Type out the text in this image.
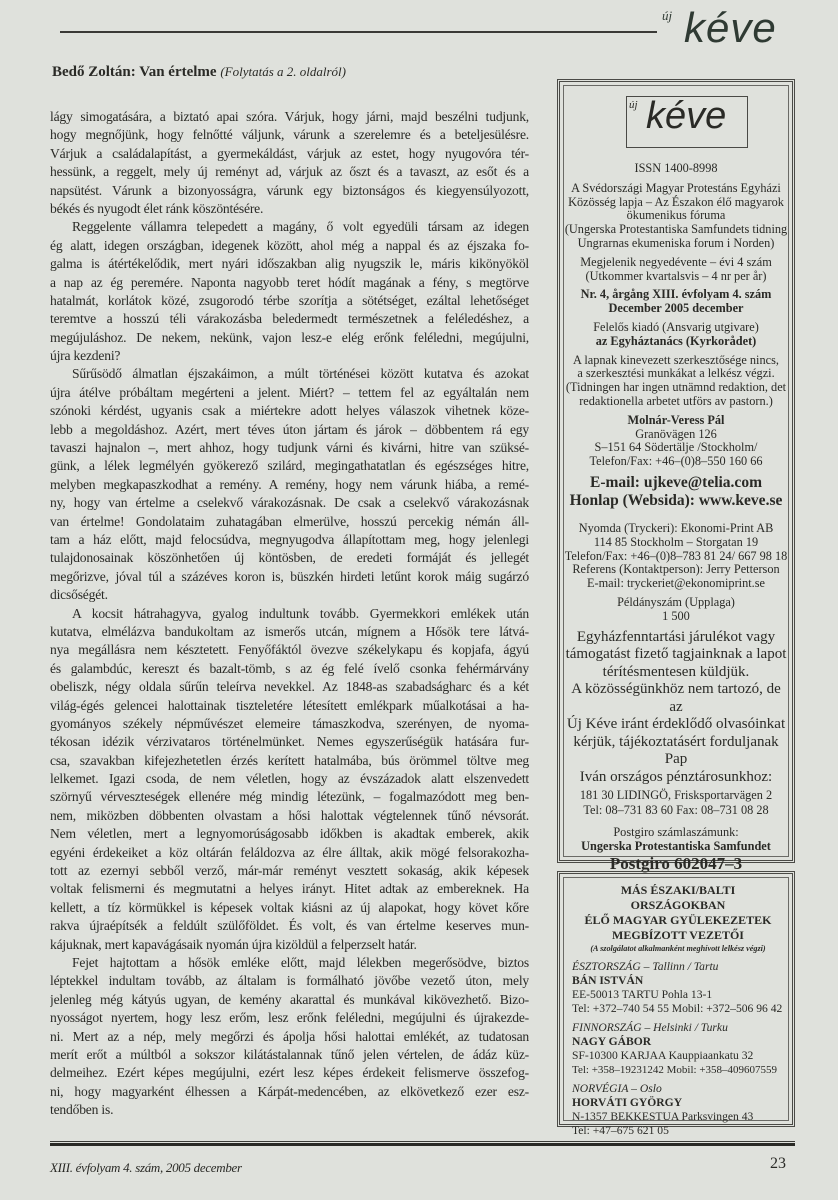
új kéve
Bedő Zoltán: Van értelme (Folytatás a 2. oldalról)
lágy simogatására, a biztató apai szóra. Várjuk, hogy járni, majd beszélni tudjunk,
hogy megnőjünk, hogy felnőtté váljunk, várunk a szerelemre és a beteljesülésre.
Várjuk a családalapítást, a gyermekáldást, várjuk az estet, hogy nyugovóra tér-
hessünk, a reggelt, mely új reményt ad, várjuk az őszt és a tavaszt, az esőt és a
napsütést. Várunk a bizonyosságra, várunk egy biztonságos és kiegyensúlyozott,
békés és nyugodt élet ránk köszöntésére.
Reggelente vállamra telepedett a magány, ő volt egyedüli társam az idegen
ég alatt, idegen országban, idegenek között, ahol még a nappal és az éjszaka fo-
galma is átértékelődik, mert nyári időszakban alig nyugszik le, máris kikönyököl
a nap az ég peremére. Naponta nagyobb teret hódít magának a fény, s megtörve
hatalmát, korlátok közé, zsugorodó térbe szorítja a sötétséget, ezáltal lehetőséget
teremtve a hosszú téli várakozásba beledermedt természetnek a feléledéshez, a
megújuláshoz. De nekem, nekünk, vajon lesz-e elég erőnk feléledni, megújulni,
újra kezdeni?
Sűrűsödő álmatlan éjszakáimon, a múlt történései között kutatva és azokat
újra átélve próbáltam megérteni a jelent. Miért? – tettem fel az egyáltalán nem
szónoki kérdést, ugyanis csak a miértekre adott helyes válaszok vihetnek köze-
lebb a megoldáshoz. Azért, mert téves úton jártam és járok – döbbentem rá egy
tavaszi hajnalon –, mert ahhoz, hogy tudjunk várni és kivárni, hitre van szüksé-
günk, a lélek legmélyén gyökerező szilárd, megingathatatlan és egészséges hitre,
melyben megkapaszkodhat a remény. A remény, hogy nem várunk hiába, a remé-
ny, hogy van értelme a cselekvő várakozásnak. De csak a cselekvő várakozásnak
van értelme! Gondolataim zuhatagában elmerülve, hosszú percekig némán áll-
tam a ház előtt, majd felocsúdva, megnyugodva állapítottam meg, hogy jelenlegi
tulajdonosainak köszönhetően új köntösben, de eredeti formáját és jellegét
megőrizve, jóval túl a százéves koron is, büszkén hirdeti letűnt korok máig sugárzó
dicsőségét.
A kocsit hátrahagyva, gyalog indultunk tovább. Gyermekkori emlékek után
kutatva, elmélázva bandukoltam az ismerős utcán, mígnem a Hősök tere látvá-
nya megállásra nem késztetett. Fenyőfáktól övezve székelykapu és kopjafa, ágyú
és galambdúc, kereszt és bazalt-tömb, s az ég felé ívelő csonka fehérmárvány
obeliszk, négy oldala sűrűn teleírva nevekkel. Az 1848-as szabadságharc és a két
világ-égés gelencei halottainak tiszteletére létesített emlékpark műalkotásai a ha-
gyományos székely népművészet elemeire támaszkodva, szerényen, de nyoma-
tékosan idézik vérzivataros történelmünket. Nemes egyszerűségük hatására fur-
csa, szavakban kifejezhetetlen érzés kerített hatalmába, bús örömmel töltve meg
lelkemet. Igazi csoda, de nem véletlen, hogy az évszázadok alatt elszenvedett
szörnyű vérveszteségek ellenére még mindig létezünk, – fogalmazódott meg ben-
nem, miközben döbbenten olvastam a hősi halottak végtelennek tűnő névsorát.
Nem véletlen, mert a legnyomorúságosabb időkben is akadtak emberek, akik
egyéni érdekeiket a köz oltárán feláldozva az élre álltak, akik mögé felsorakozha-
tott az ezernyi sebből verző, már-már reményt vesztett sokaság, akik képesek
voltak felismerni és megmutatni a helyes irányt. Hitet adtak az embereknek. Ha
kellett, a tíz körmükkel is képesek voltak kiásni az új alapokat, hogy követ kőre
rakva újraépítsék a feldúlt szülőföldet. És volt, és van értelme keserves mun-
kájuknak, mert kapavágásaik nyomán újra kizöldül a felperzselt határ.
Fejet hajtottam a hősök emléke előtt, majd lélekben megerősödve, biztos
léptekkel indultam tovább, az általam is formálható jövőbe vezető úton, mely
jelenleg még kátyús ugyan, de kemény akarattal és munkával kikövezhető. Bizo-
nyosságot nyertem, hogy lesz erőm, lesz erőnk feléledni, megújulni és újrakezde-
ni. Mert az a nép, mely megőrzi és ápolja hősi halottai emlékét, az tudatosan
merít erőt a múltból a sokszor kilátástalannak tűnő jelen vértelen, de ádáz küz-
delmeihez. Ezért képes megújulni, ezért lesz képes érdekeit felismerve összefog-
ni, hogy magyarként élhessen a Kárpát-medencében, az elkövetkező ezer esz-
tendőben is.
új kéve

ISSN 1400-8998

A Svédországi Magyar Protestáns Egyházi
Közösség lapja – Az Északon élő magyarok
ökumenikus fóruma
(Ungerska Protestantiska Samfundets tidning
Ungrarnas ekumeniska forum i Norden)

Megjelenik negyedévente – évi 4 szám
(Utkommer kvartalsvis – 4 nr per år)

Nr. 4, årgång XIII. évfolyam 4. szám
December 2005 december

Felelős kiadó (Ansvarig utgivare)
az Egyháztanács (Kyrkorådet)

A lapnak kinevezett szerkesztősége nincs,
a szerkesztési munkákat a lelkész végzi.
(Tidningen har ingen utnämnd redaktion, det
redaktionella arbetet utförs av pastorn.)

Molnár-Veress Pál
Granövägen 126
S–151 64 Södertälje /Stockholm/
Telefon/Fax: +46–(0)8–550 160 66

E-mail: ujkeve@telia.com
Honlap (Websida): www.keve.se

Nyomda (Tryckeri): Ekonomi-Print AB
114 85 Stockholm – Storgatan 19
Telefon/Fax: +46–(0)8–783 81 24/ 667 98 18
Referens (Kontaktperson): Jerry Petterson
E-mail: tryckeriet@ekonomiprint.se

Példányszám (Upplaga)
1 500

Egyházfenntartási járulékot vagy
támogatást fizető tagjainknak a lapot
térítésmentesen küldjük.
A közösségünkhöz nem tartozó, de az
Új Kéve iránt érdeklődő olvasóinkat
kérjük, tájékoztatásért forduljanak Pap
Iván országos pénztárosunkhoz:

181 30 LIDINGÖ, Frisksportarvägen 2
Tel: 08–731 83 60 Fax: 08–731 08 28

Postgiro számlaszámunk:
Ungerska Protestantiska Samfundet
Postgiro 602047–3

MÁS ÉSZAKI/BALTI ORSZÁGOKBAN
ÉLŐ MAGYAR GYÜLEKEZETEK
MEGBÍZOTT VEZETŐI
(A szolgálatot alkalmanként meghívott lelkész végzi)
ÉSZTORSZÁG – Tallinn / Tartu
BÁN ISTVÁN
EE-50013 TARTU Pohla 13-1
Tel: +372–740 54 55 Mobil: +372–506 96 42
FINNORSZÁG – Helsinki / Turku
NAGY GÁBOR
SF-10300 KARJAA Kauppiaankatu 32
Tel: +358–19231242 Mobil: +358–409607559
NORVÉGIA – Oslo
HORVÁTI GYÖRGY
N-1357 BEKKESTUA Parksvingen 43
Tel: +47–675 621 05
XIII. évfolyam 4. szám, 2005 december	23
